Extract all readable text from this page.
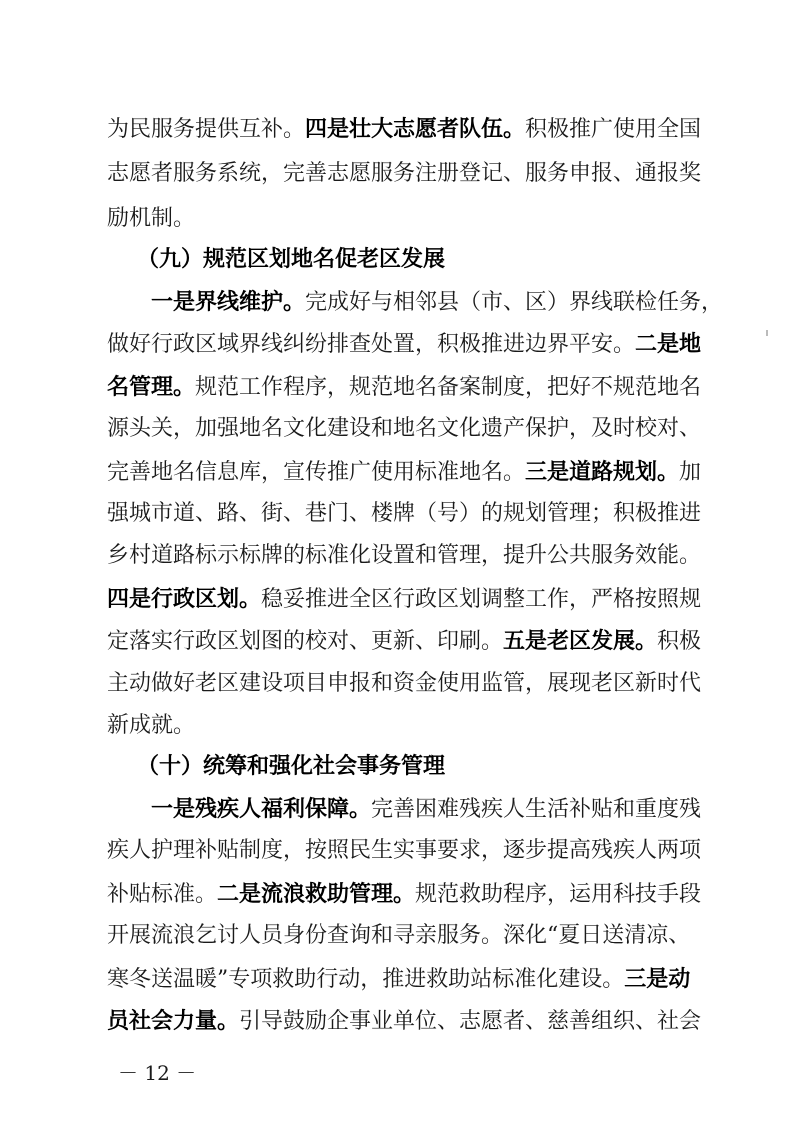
为民服务提供互补。四是壮大志愿者队伍。积极推广使用全国
志愿者服务系统，完善志愿服务注册登记、服务申报、通报奖
励机制。
（九）规范区划地名促老区发展
一是界线维护。完成好与相邻县（市、区）界线联检任务，
做好行政区域界线纠纷排查处置，积极推进边界平安。二是地
名管理。规范工作程序，规范地名备案制度，把好不规范地名
源头关，加强地名文化建设和地名文化遗产保护，及时校对、
完善地名信息库，宣传推广使用标准地名。三是道路规划。加
强城市道、路、街、巷门、楼牌（号）的规划管理；积极推进
乡村道路标示标牌的标准化设置和管理，提升公共服务效能。
四是行政区划。稳妥推进全区行政区划调整工作，严格按照规
定落实行政区划图的校对、更新、印刷。五是老区发展。积极
主动做好老区建设项目申报和资金使用监管，展现老区新时代
新成就。
（十）统筹和强化社会事务管理
一是残疾人福利保障。完善困难残疾人生活补贴和重度残
疾人护理补贴制度，按照民生实事要求，逐步提高残疾人两项
补贴标准。二是流浪救助管理。规范救助程序，运用科技手段
开展流浪乞讨人员身份查询和寻亲服务。深化“夏日送清凉、
寒冬送温暖”专项救助行动，推进救助站标准化建设。三是动
员社会力量。引导鼓励企事业单位、志愿者、慈善组织、社会
－ 12 －
